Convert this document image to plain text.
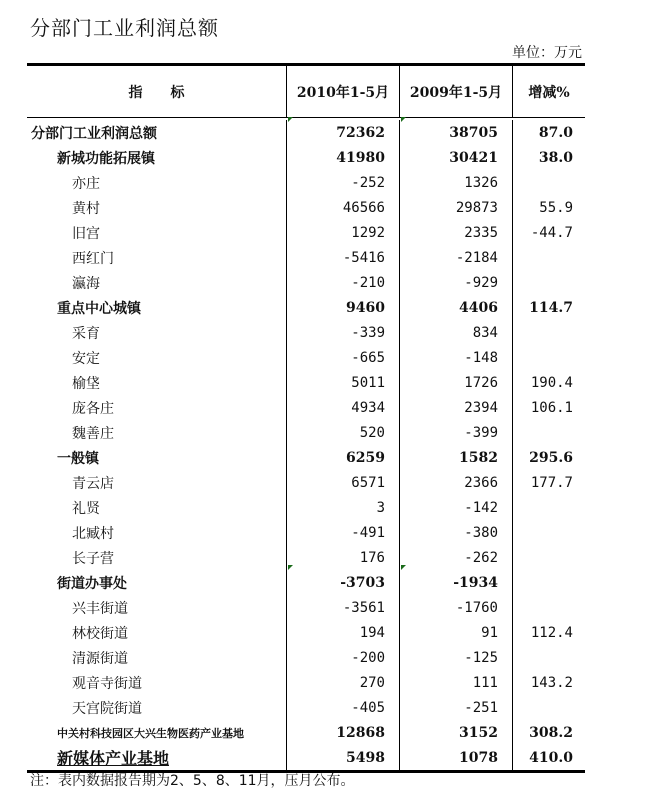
分部门工业利润总额
单位：万元
指标	2010年1-5月	2009年1-5月	增减%
分部门工业利润总额	72362	38705	87.0
新城功能拓展镇	41980	30421	38.0
亦庄	-252	1326
黄村	46566	29873	55.9
旧宫	1292	2335	-44.7
西红门	-5416	-2184
瀛海	-210	-929
重点中心城镇	9460	4406	114.7
采育	-339	834
安定	-665	-148
榆垡	5011	1726	190.4
庞各庄	4934	2394	106.1
魏善庄	520	-399
一般镇	6259	1582	295.6
青云店	6571	2366	177.7
礼贤	3	-142
北臧村	-491	-380
长子营	176	-262
街道办事处	-3703	-1934
兴丰街道	-3561	-1760
林校街道	194	91	112.4
清源街道	-200	-125
观音寺街道	270	111	143.2
天宫院街道	-405	-251
中关村科技园区大兴生物医药产业基地	12868	3152	308.2
新媒体产业基地	5498	1078	410.0
注：表内数据报告期为2、5、8、11月，压月公布。
